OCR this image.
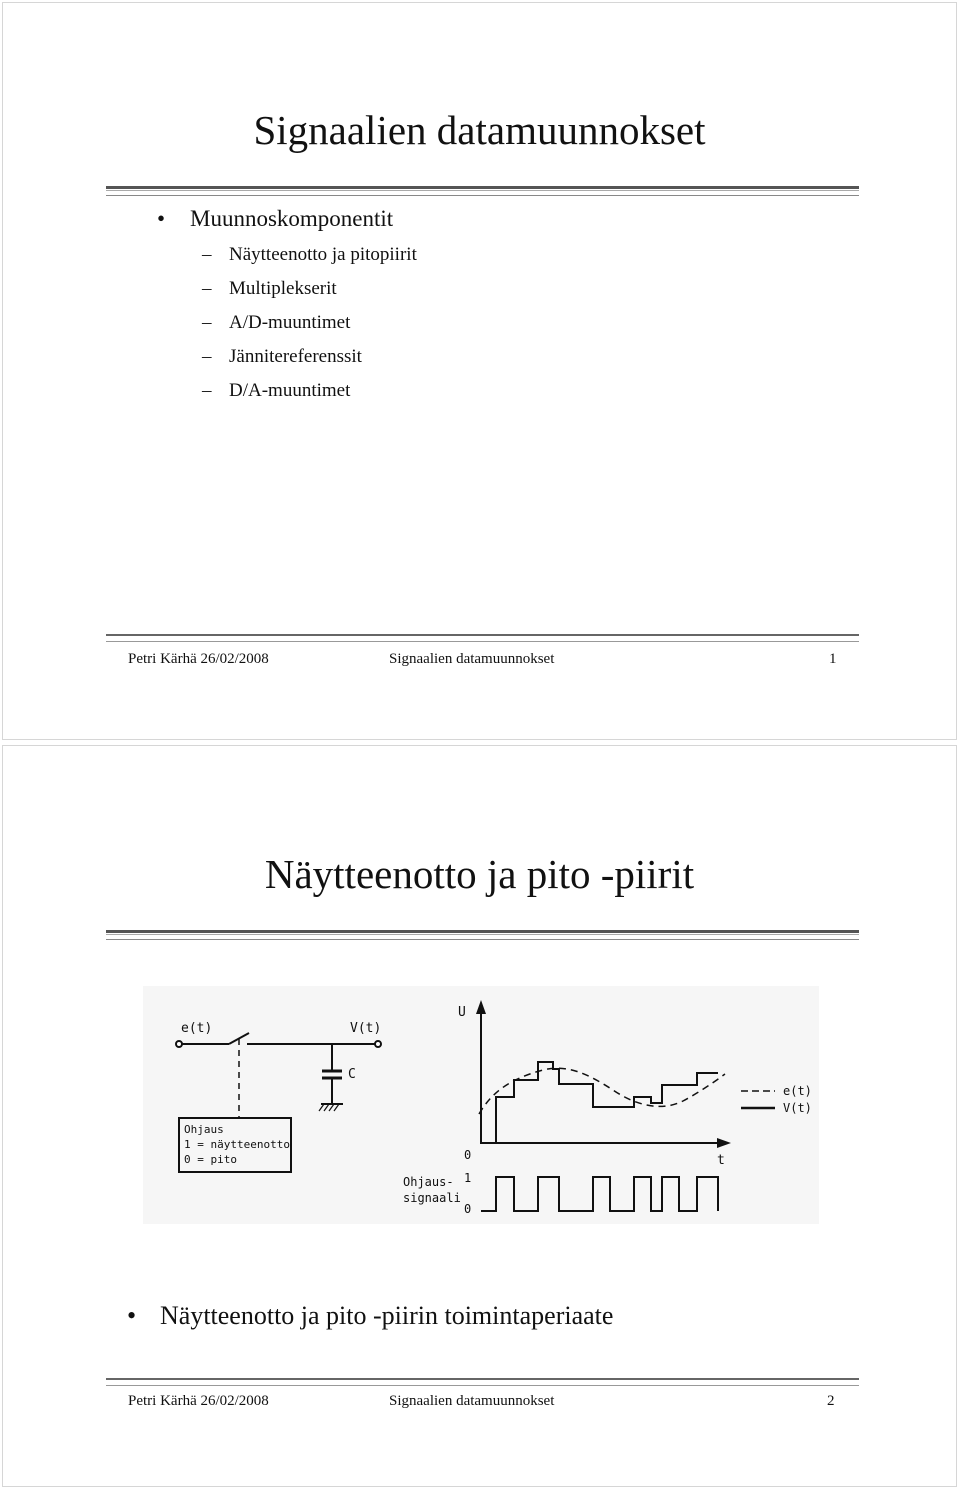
Signaalien datamuunnokset
• Muunnoskomponentit
– Näytteenotto ja pitopiirit
– Multiplekserit
– A/D-muuntimet
– Jännitereferenssit
– D/A-muuntimet
Petri Kärhä 26/02/2008	Signaalien datamuunnokset	1
Näytteenotto ja pito -piirit
e(t)	V(t)
C
Ohjaus
1 = näytteenotto
0 = pito
U
t
0
e(t)
V(t)
Ohjaus-
signaali
1
0
• Näytteenotto ja pito -piirin toimintaperiaate
Petri Kärhä 26/02/2008	Signaalien datamuunnokset	2
